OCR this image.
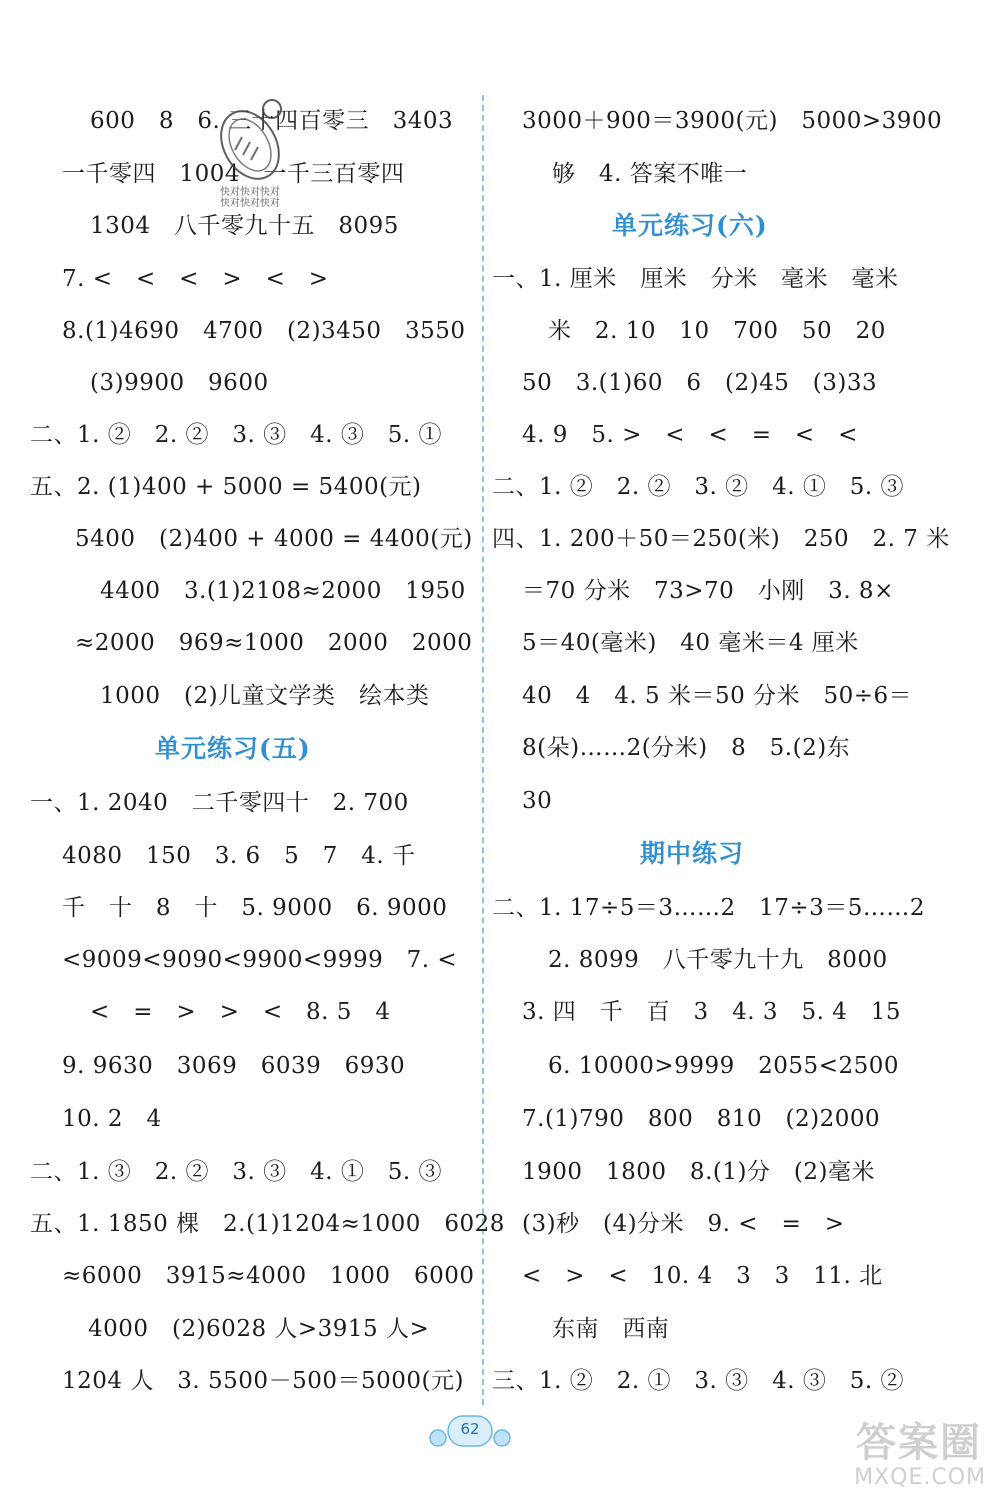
600   8   6. 三十四百零三   3403
一千零四   1004   一千三百零四
1304   八千零九十五   8095
7. <   <   <   >   <   >
8.(1)4690   4700   (2)3450   3550
(3)9900   9600
二、1. ②   2. ②   3. ③   4. ③   5. ①
五、2. (1)400 + 5000 = 5400(元)
5400   (2)400 + 4000 = 4400(元)
4400   3.(1)2108≈2000   1950
≈2000   969≈1000   2000   2000
1000   (2)儿童文学类   绘本类
单元练习(五)
一、1. 2040   二千零四十   2. 700
4080   150   3. 6   5   7   4. 千
千   十   8   十   5. 9000   6. 9000
<9009<9090<9900<9999   7. <
<   =   >   >   <   8. 5   4
9. 9630   3069   6039   6930
10. 2   4
二、1. ③   2. ②   3. ③   4. ①   5. ③
五、1. 1850 棵   2.(1)1204≈1000   6028
≈6000   3915≈4000   1000   6000
4000   (2)6028 人>3915 人>
1204 人   3. 5500－500＝5000(元)
3000＋900＝3900(元)   5000>3900
够   4. 答案不唯一
单元练习(六)
一、1. 厘米   厘米   分米   毫米   毫米
米   2. 10   10   700   50   20
50   3.(1)60   6   (2)45   (3)33
4. 9   5. >   <   <   =   <   <
二、1. ②   2. ②   3. ②   4. ①   5. ③
四、1. 200＋50＝250(米)   250   2. 7 米
＝70 分米   73>70   小刚   3. 8×
5＝40(毫米)   40 毫米＝4 厘米
40   4   4. 5 米＝50 分米   50÷6＝
8(朵)……2(分米)   8   5.(2)东
30
期中练习
二、1. 17÷5＝3……2   17÷3＝5……2
2. 8099   八千零九十九   8000
3. 四   千   百   3   4. 3   5. 4   15
6. 10000>9999   2055<2500
7.(1)790   800   810   (2)2000
1900   1800   8.(1)分   (2)毫米
(3)秒   (4)分米   9. <   =   >
<   >   <   10. 4   3   3   11. 北
东南   西南
三、1. ②   2. ①   3. ③   4. ③   5. ②
快对快对快对
快对快对快对
62	答案圈
MXQE.COM
